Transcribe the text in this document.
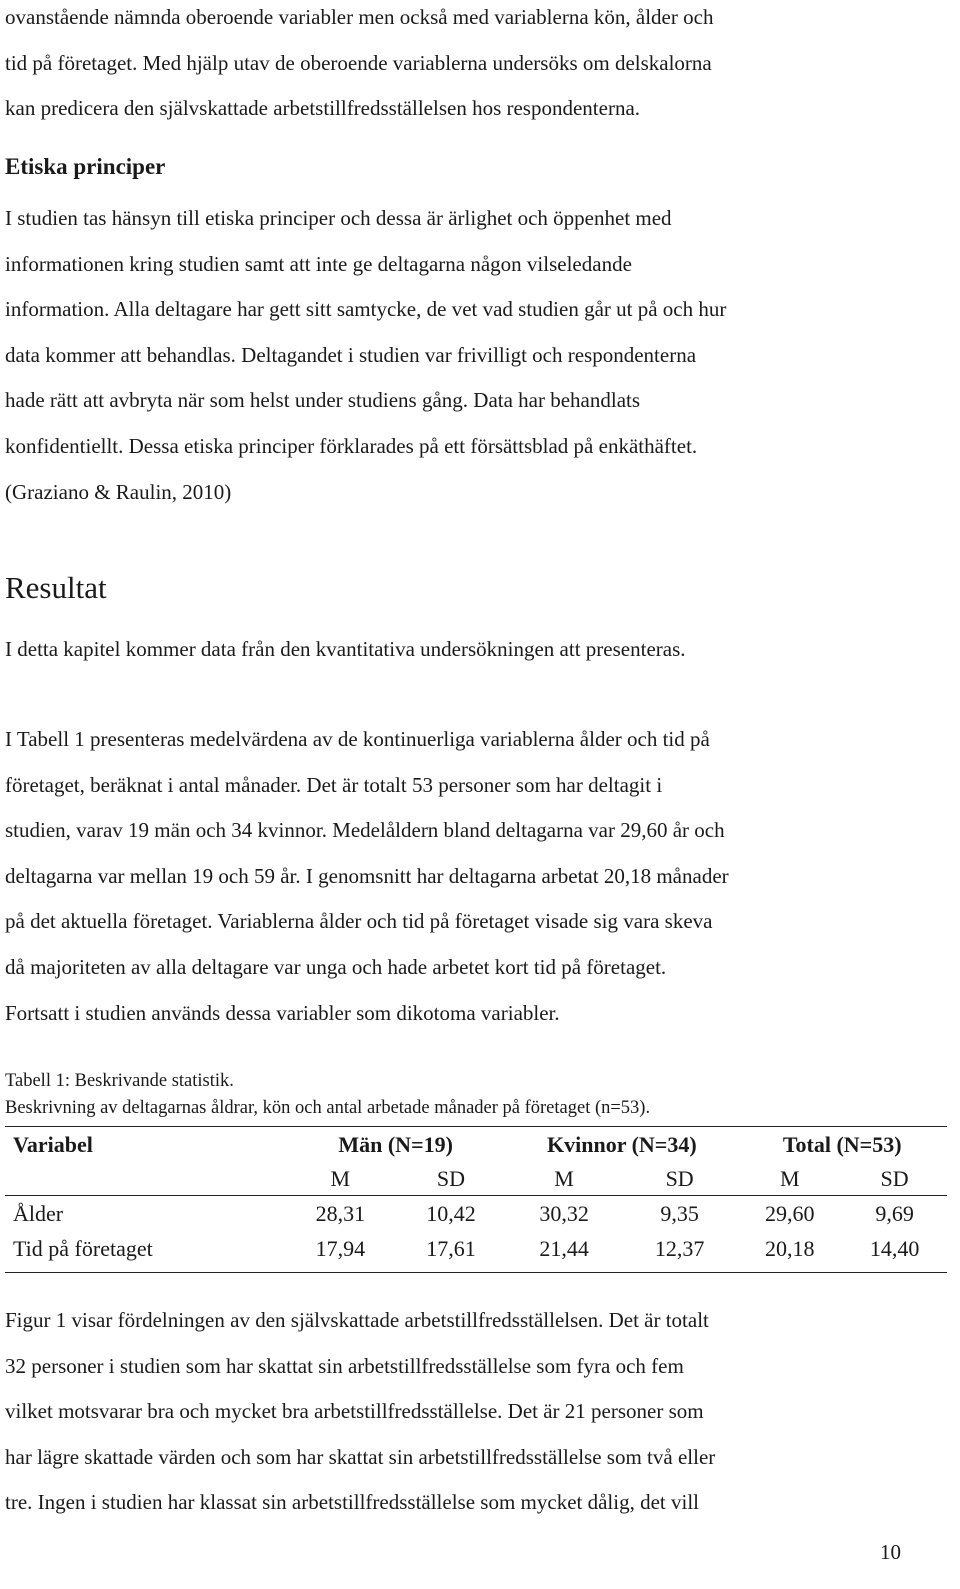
ovanstående nämnda oberoende variabler men också med variablerna kön, ålder och
tid på företaget. Med hjälp utav de oberoende variablerna undersöks om delskalorna
kan predicera den självskattade arbetstillfredsställelsen hos respondenterna.

Etiska principer

I studien tas hänsyn till etiska principer och dessa är ärlighet och öppenhet med
informationen kring studien samt att inte ge deltagarna någon vilseledande
information. Alla deltagare har gett sitt samtycke, de vet vad studien går ut på och hur
data kommer att behandlas. Deltagandet i studien var frivilligt och respondenterna
hade rätt att avbryta när som helst under studiens gång. Data har behandlats
konfidentiellt. Dessa etiska principer förklarades på ett försättsblad på enkäthäftet.
(Graziano & Raulin, 2010)

Resultat

I detta kapitel kommer data från den kvantitativa undersökningen att presenteras.

I Tabell 1 presenteras medelvärdena av de kontinuerliga variablerna ålder och tid på
företaget, beräknat i antal månader. Det är totalt 53 personer som har deltagit i
studien, varav 19 män och 34 kvinnor. Medelåldern bland deltagarna var 29,60 år och
deltagarna var mellan 19 och 59 år. I genomsnitt har deltagarna arbetat 20,18 månader
på det aktuella företaget. Variablerna ålder och tid på företaget visade sig vara skeva
då majoriteten av alla deltagare var unga och hade arbetet kort tid på företaget.
Fortsatt i studien används dessa variabler som dikotoma variabler.

Tabell 1: Beskrivande statistik.
Beskrivning av deltagarnas åldrar, kön och antal arbetade månader på företaget (n=53).
Variabel	Män (N=19)		Kvinnor (N=34)		Total (N=53)	
	M	SD	M	SD	M	SD
Ålder	28,31	10,42	30,32	9,35	29,60	9,69
Tid på företaget	17,94	17,61	21,44	12,37	20,18	14,40

Figur 1 visar fördelningen av den självskattade arbetstillfredsställelsen. Det är totalt
32 personer i studien som har skattat sin arbetstillfredsställelse som fyra och fem
vilket motsvarar bra och mycket bra arbetstillfredsställelse. Det är 21 personer som
har lägre skattade värden och som har skattat sin arbetstillfredsställelse som två eller
tre. Ingen i studien har klassat sin arbetstillfredsställelse som mycket dålig, det vill

10
